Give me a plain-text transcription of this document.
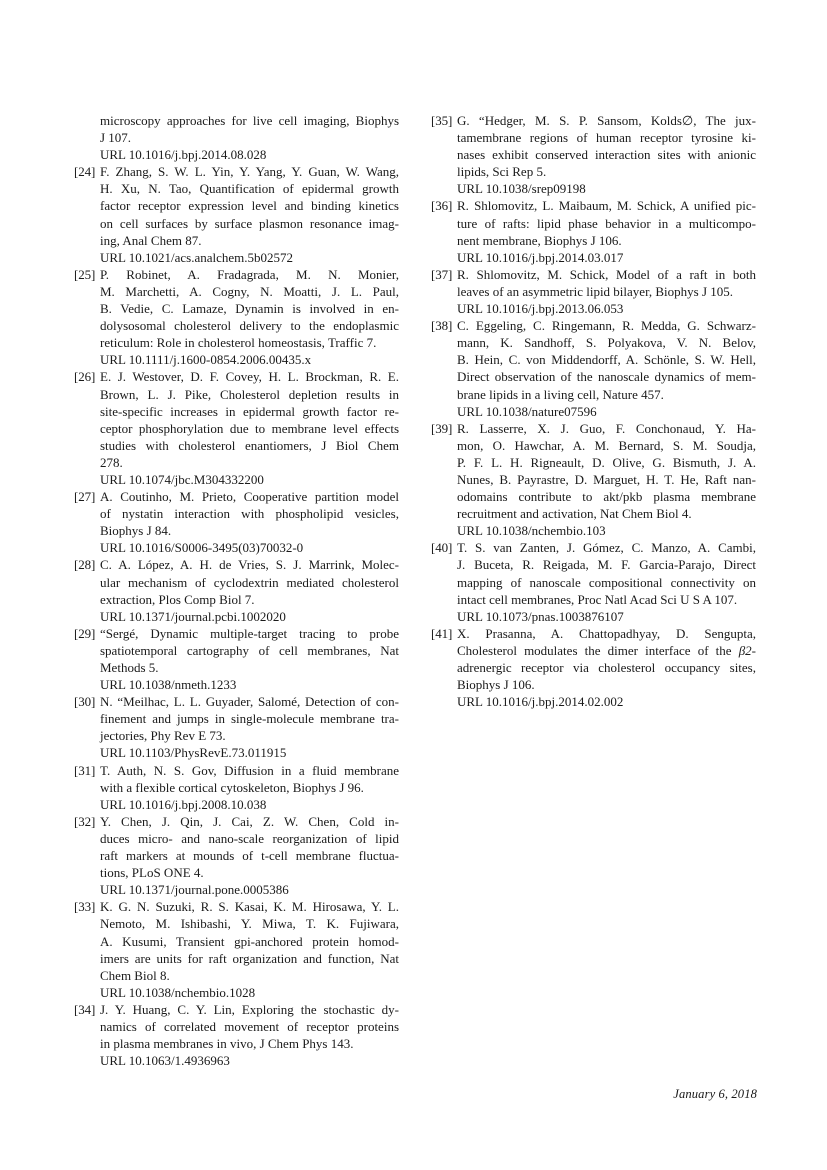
microscopy approaches for live cell imaging, Biophys
J 107.
URL 10.1016/j.bpj.2014.08.028
[24] F. Zhang, S. W. L. Yin, Y. Yang, Y. Guan, W. Wang,
H. Xu, N. Tao, Quantification of epidermal growth
factor receptor expression level and binding kinetics
on cell surfaces by surface plasmon resonance imag-
ing, Anal Chem 87.
URL 10.1021/acs.analchem.5b02572
[25] P. Robinet, A. Fradagrada, M. N. Monier,
M. Marchetti, A. Cogny, N. Moatti, J. L. Paul,
B. Vedie, C. Lamaze, Dynamin is involved in en-
dolysosomal cholesterol delivery to the endoplasmic
reticulum: Role in cholesterol homeostasis, Traffic 7.
URL 10.1111/j.1600-0854.2006.00435.x
[26] E. J. Westover, D. F. Covey, H. L. Brockman, R. E.
Brown, L. J. Pike, Cholesterol depletion results in
site-specific increases in epidermal growth factor re-
ceptor phosphorylation due to membrane level effects
studies with cholesterol enantiomers, J Biol Chem
278.
URL 10.1074/jbc.M304332200
[27] A. Coutinho, M. Prieto, Cooperative partition model
of nystatin interaction with phospholipid vesicles,
Biophys J 84.
URL 10.1016/S0006-3495(03)70032-0
[28] C. A. López, A. H. de Vries, S. J. Marrink, Molec-
ular mechanism of cyclodextrin mediated cholesterol
extraction, Plos Comp Biol 7.
URL 10.1371/journal.pcbi.1002020
[29] “Sergé, Dynamic multiple-target tracing to probe
spatiotemporal cartography of cell membranes, Nat
Methods 5.
URL 10.1038/nmeth.1233
[30] N. “Meilhac, L. L. Guyader, Salomé, Detection of con-
finement and jumps in single-molecule membrane tra-
jectories, Phy Rev E 73.
URL 10.1103/PhysRevE.73.011915
[31] T. Auth, N. S. Gov, Diffusion in a fluid membrane
with a flexible cortical cytoskeleton, Biophys J 96.
URL 10.1016/j.bpj.2008.10.038
[32] Y. Chen, J. Qin, J. Cai, Z. W. Chen, Cold in-
duces micro- and nano-scale reorganization of lipid
raft markers at mounds of t-cell membrane fluctua-
tions, PLoS ONE 4.
URL 10.1371/journal.pone.0005386
[33] K. G. N. Suzuki, R. S. Kasai, K. M. Hirosawa, Y. L.
Nemoto, M. Ishibashi, Y. Miwa, T. K. Fujiwara,
A. Kusumi, Transient gpi-anchored protein homod-
imers are units for raft organization and function, Nat
Chem Biol 8.
URL 10.1038/nchembio.1028
[34] J. Y. Huang, C. Y. Lin, Exploring the stochastic dy-
namics of correlated movement of receptor proteins
in plasma membranes in vivo, J Chem Phys 143.
URL 10.1063/1.4936963
[35] G. “Hedger, M. S. P. Sansom, Kolds∅, The jux-
tamembrane regions of human receptor tyrosine ki-
nases exhibit conserved interaction sites with anionic
lipids, Sci Rep 5.
URL 10.1038/srep09198
[36] R. Shlomovitz, L. Maibaum, M. Schick, A unified pic-
ture of rafts: lipid phase behavior in a multicompo-
nent membrane, Biophys J 106.
URL 10.1016/j.bpj.2014.03.017
[37] R. Shlomovitz, M. Schick, Model of a raft in both
leaves of an asymmetric lipid bilayer, Biophys J 105.
URL 10.1016/j.bpj.2013.06.053
[38] C. Eggeling, C. Ringemann, R. Medda, G. Schwarz-
mann, K. Sandhoff, S. Polyakova, V. N. Belov,
B. Hein, C. von Middendorff, A. Schönle, S. W. Hell,
Direct observation of the nanoscale dynamics of mem-
brane lipids in a living cell, Nature 457.
URL 10.1038/nature07596
[39] R. Lasserre, X. J. Guo, F. Conchonaud, Y. Ha-
mon, O. Hawchar, A. M. Bernard, S. M. Soudja,
P. F. L. H. Rigneault, D. Olive, G. Bismuth, J. A.
Nunes, B. Payrastre, D. Marguet, H. T. He, Raft nan-
odomains contribute to akt/pkb plasma membrane
recruitment and activation, Nat Chem Biol 4.
URL 10.1038/nchembio.103
[40] T. S. van Zanten, J. Gómez, C. Manzo, A. Cambi,
J. Buceta, R. Reigada, M. F. Garcia-Parajo, Direct
mapping of nanoscale compositional connectivity on
intact cell membranes, Proc Natl Acad Sci U S A 107.
URL 10.1073/pnas.1003876107
[41] X. Prasanna, A. Chattopadhyay, D. Sengupta,
Cholesterol modulates the dimer interface of the β2-
adrenergic receptor via cholesterol occupancy sites,
Biophys J 106.
URL 10.1016/j.bpj.2014.02.002
January 6, 2018
